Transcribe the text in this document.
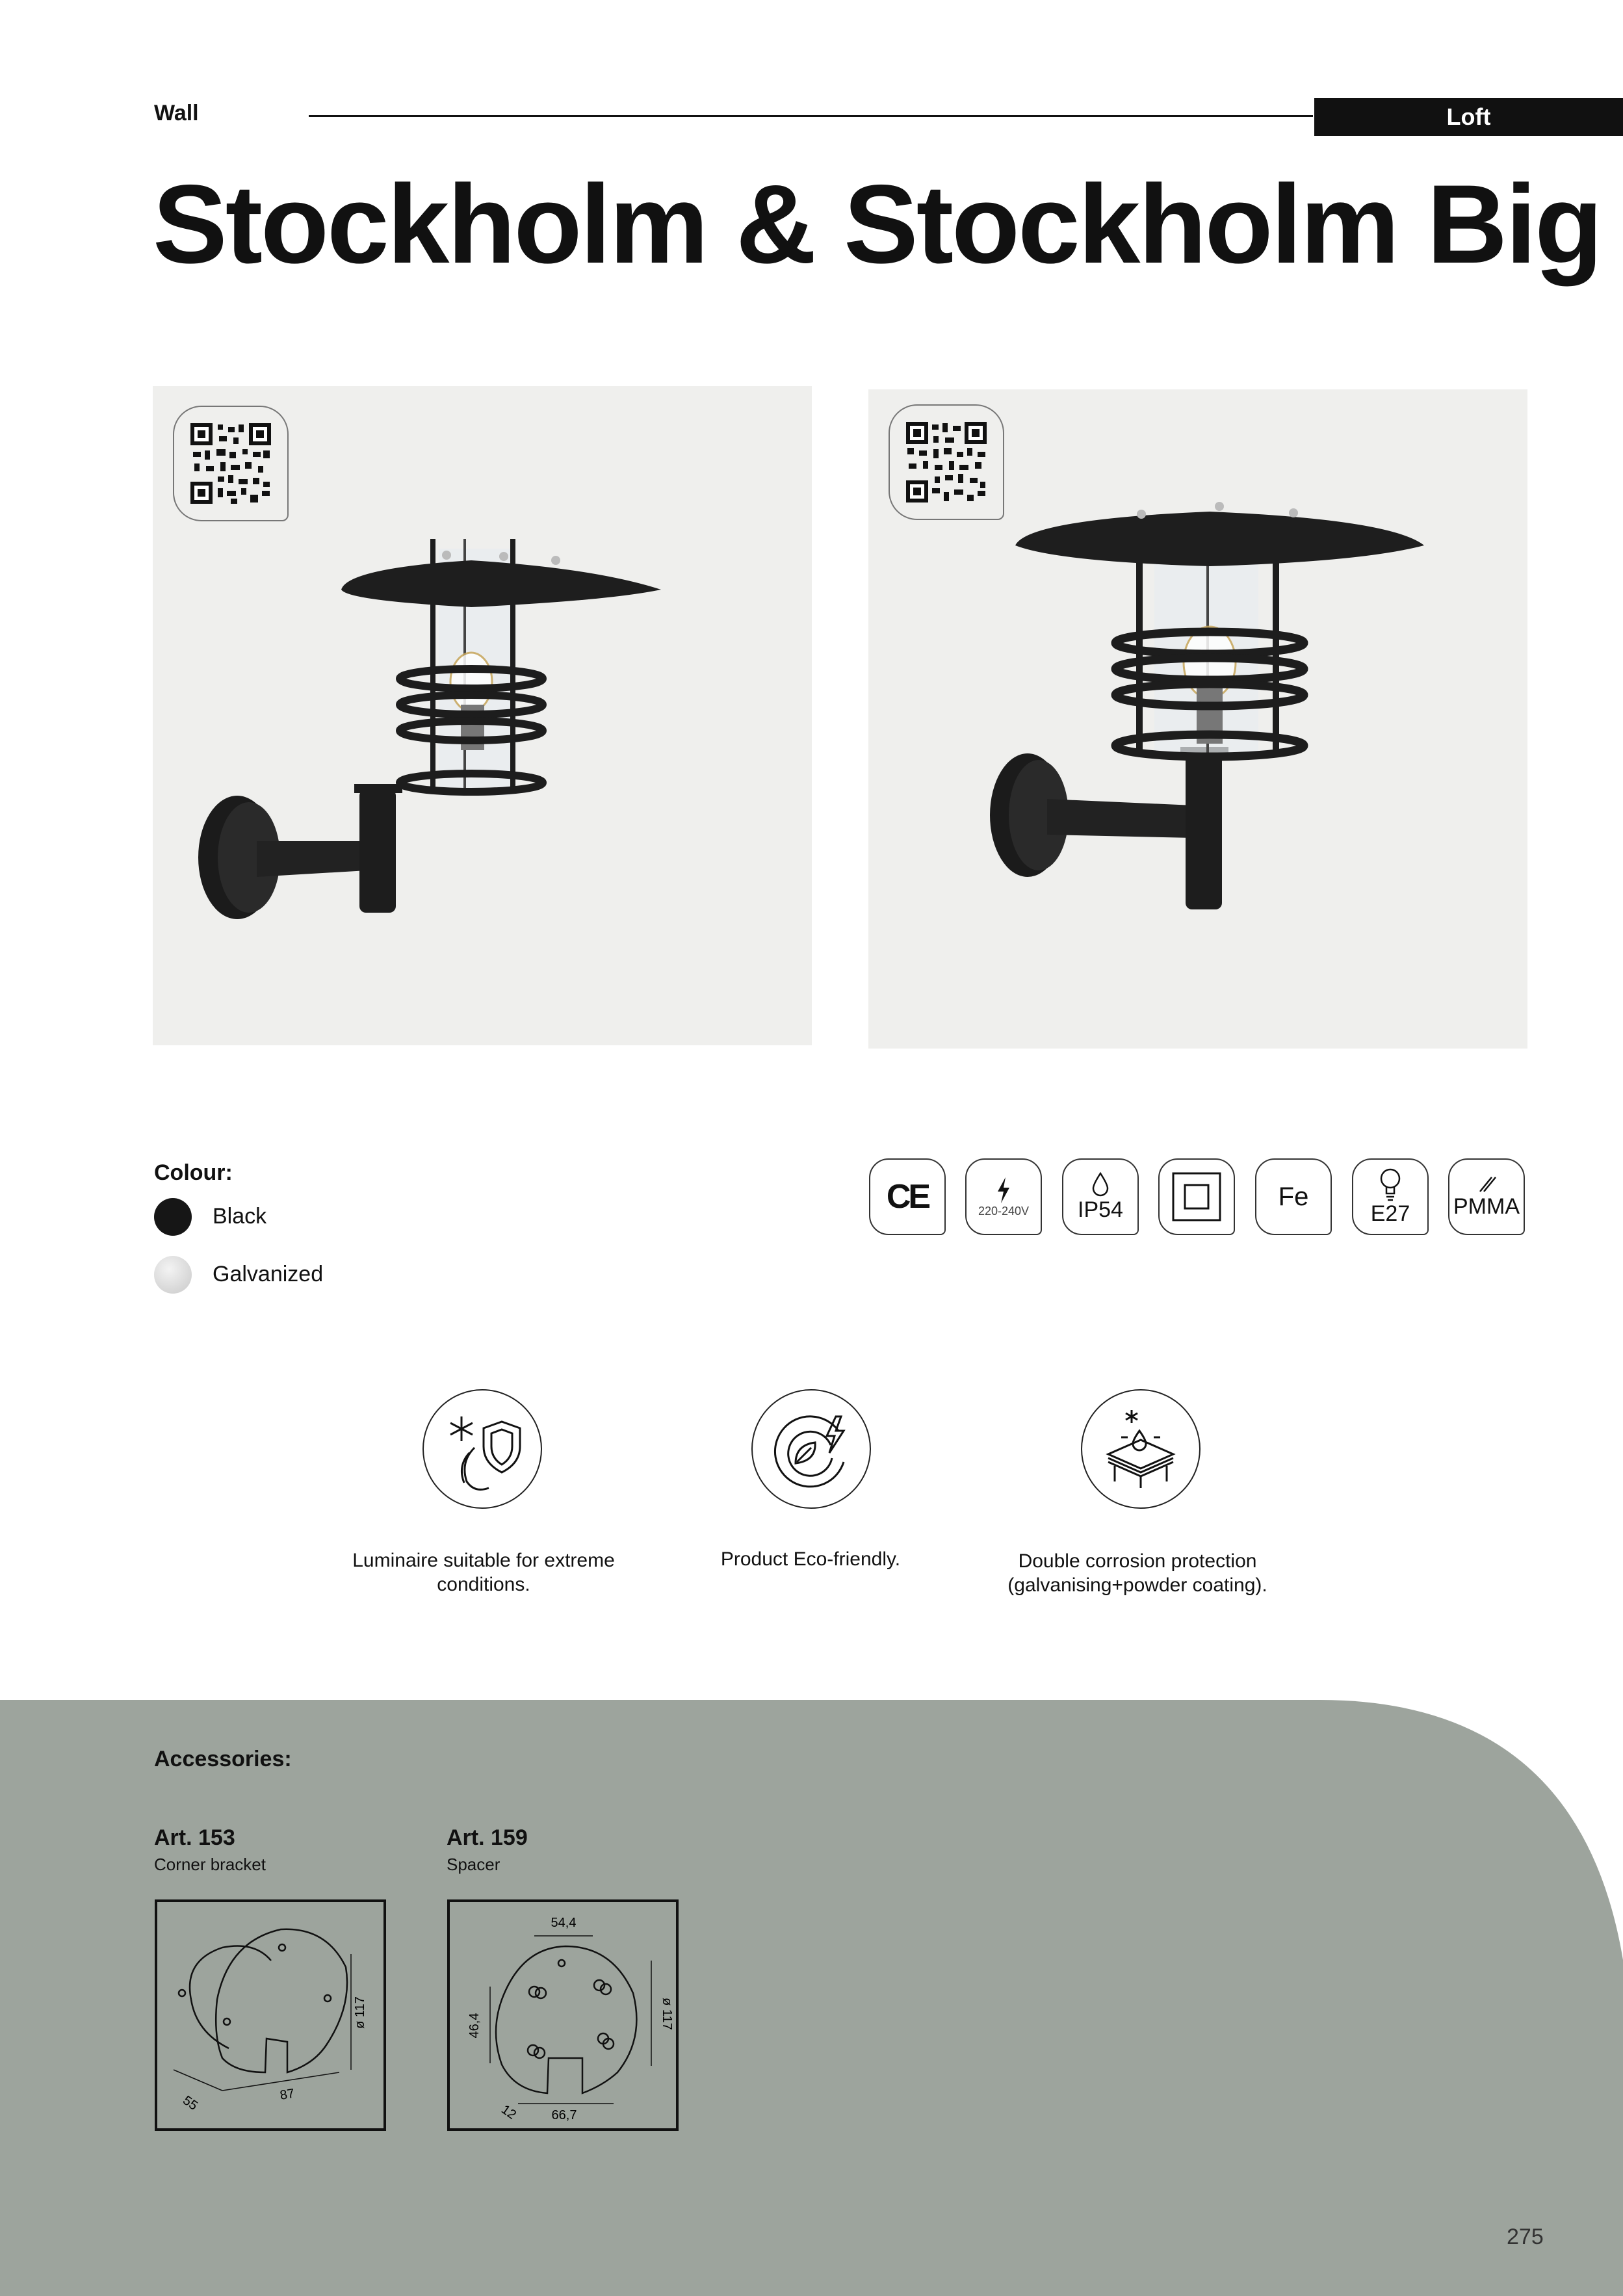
Wall	Loft
Stockholm & Stockholm Big
Colour:
Black
Galvanized
CE	220-240V IP54	Fe
E27 PMMA
Luminaire suitable for extreme conditions.
Product Eco-friendly.	Double corrosion protection (galvanising+powder coating).
Accessories:
Art. 153
Corner bracket
Art. 159
Spacer
ø 117
55	87
54,4
46,4	ø 117
12	66,7
275
